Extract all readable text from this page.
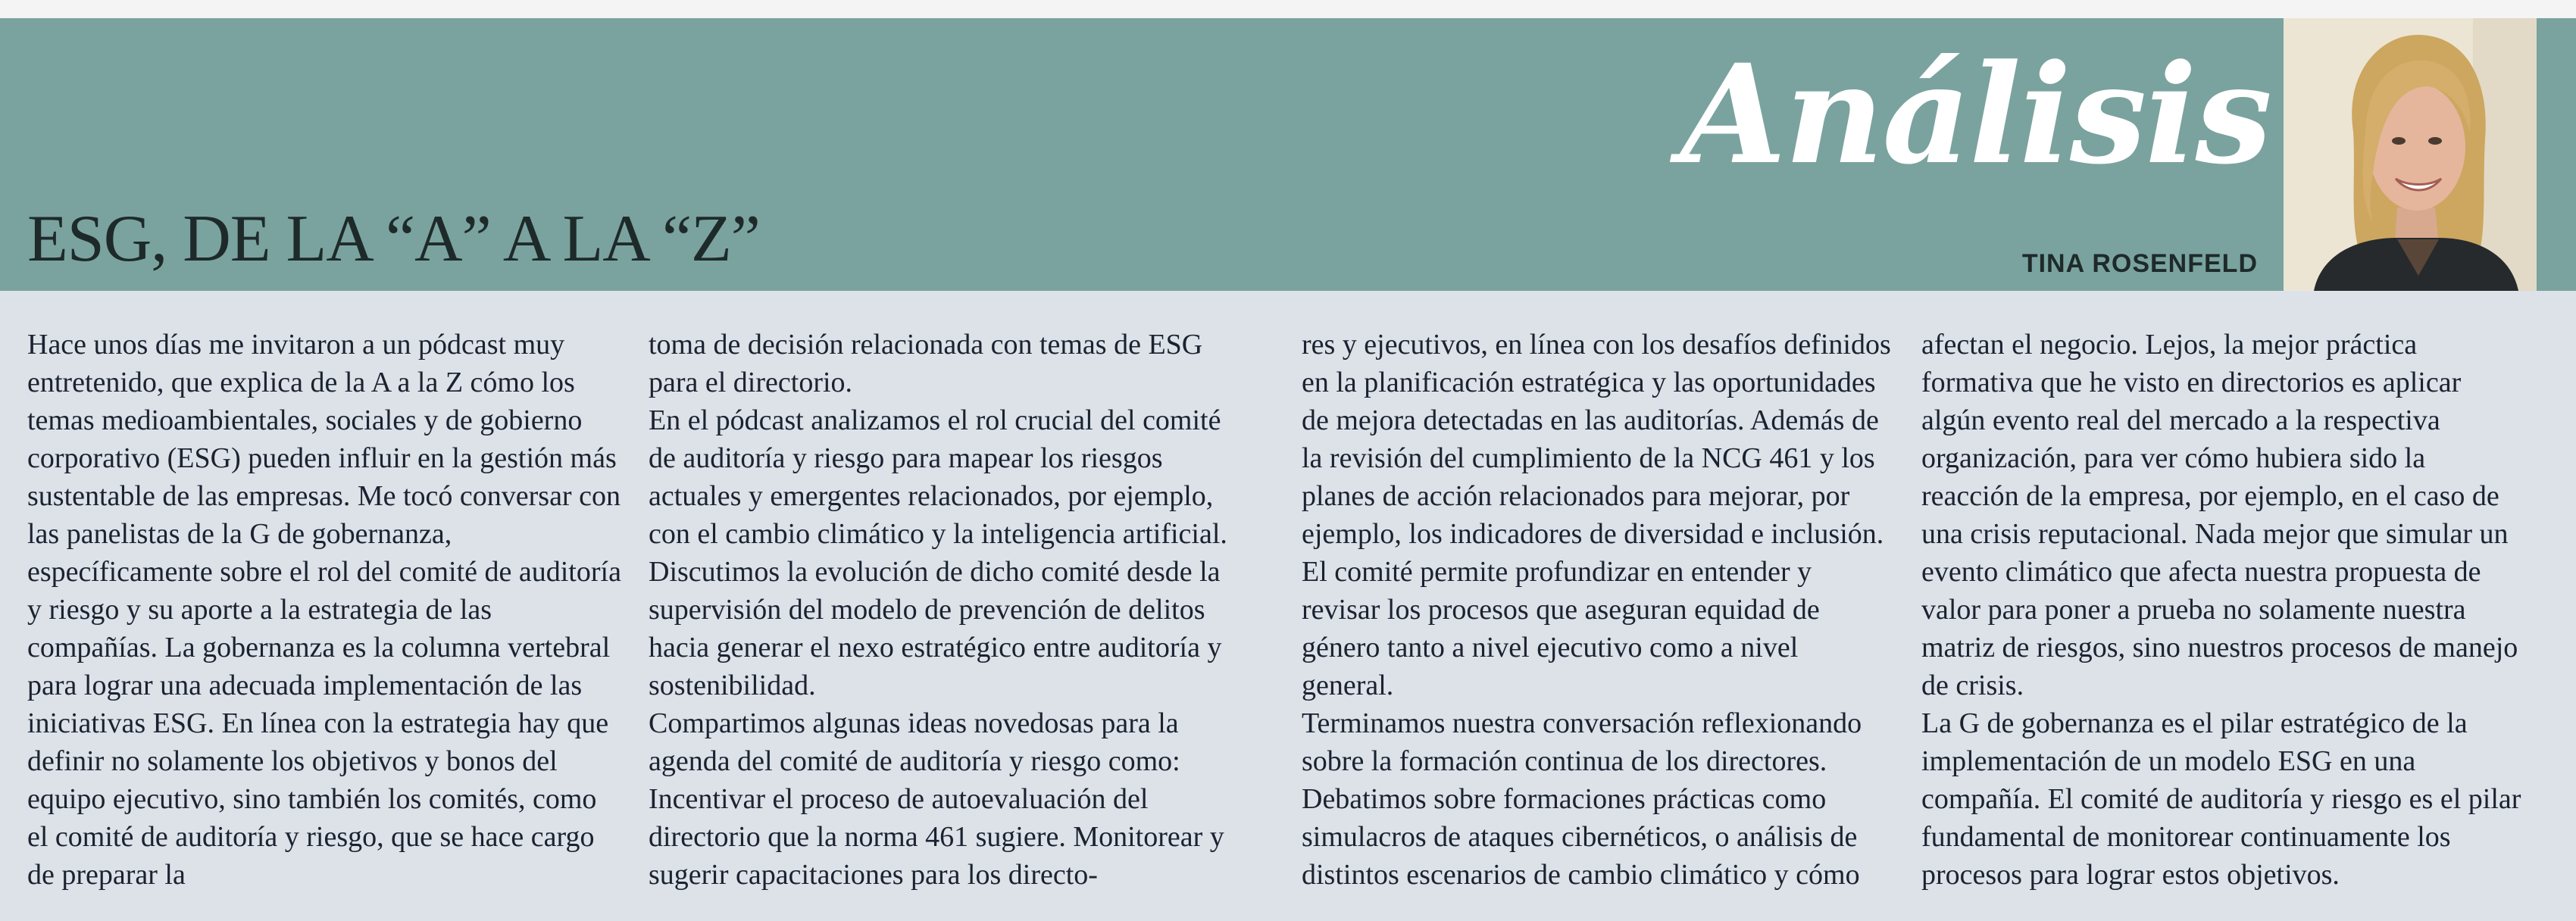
Análisis
ESG, DE LA “A” A LA “Z”	TINA ROSENFELD

Hace unos días me invitaron a un pódcast muy entretenido, que explica de la A a la Z cómo los temas medioambientales, sociales y de gobierno corporativo (ESG) pueden influir en la gestión más sustentable de las empresas. Me tocó conversar con las panelistas de la G de gobernanza, específicamente sobre el rol del comité de auditoría y riesgo y su aporte a la estrategia de las compañías. La gobernanza es la columna vertebral para lograr una adecuada implementación de las iniciativas ESG. En línea con la estrategia hay que definir no solamente los objetivos y bonos del equipo ejecutivo, sino también los comités, como el comité de auditoría y riesgo, que se hace cargo de preparar la

toma de decisión relacionada con temas de ESG para el directorio.

En el pódcast analizamos el rol crucial del comité de auditoría y riesgo para mapear los riesgos actuales y emergentes relacionados, por ejemplo, con el cambio climático y la inteligencia artificial. Discutimos la evolución de dicho comité desde la supervisión del modelo de prevención de delitos hacia generar el nexo estratégico entre auditoría y sostenibilidad.

Compartimos algunas ideas novedosas para la agenda del comité de auditoría y riesgo como: Incentivar el proceso de autoevaluación del directorio que la norma 461 sugiere. Monitorear y sugerir capacitaciones para los directo-

res y ejecutivos, en línea con los desafíos definidos en la planificación estratégica y las oportunidades de mejora detectadas en las auditorías. Además de la revisión del cumplimiento de la NCG 461 y los planes de acción relacionados para mejorar, por ejemplo, los indicadores de diversidad e inclusión. El comité permite profundizar en entender y revisar los procesos que aseguran equidad de género tanto a nivel ejecutivo como a nivel general.

Terminamos nuestra conversación reflexionando sobre la formación continua de los directores. Debatimos sobre formaciones prácticas como simulacros de ataques cibernéticos, o análisis de distintos escenarios de cambio climático y cómo

afectan el negocio. Lejos, la mejor práctica formativa que he visto en directorios es aplicar algún evento real del mercado a la respectiva organización, para ver cómo hubiera sido la reacción de la empresa, por ejemplo, en el caso de una crisis reputacional. Nada mejor que simular un evento climático que afecta nuestra propuesta de valor para poner a prueba no solamente nuestra matriz de riesgos, sino nuestros procesos de manejo de crisis.

La G de gobernanza es el pilar estratégico de la implementación de un modelo ESG en una compañía. El comité de auditoría y riesgo es el pilar fundamental de monitorear continuamente los procesos para lograr estos objetivos.
